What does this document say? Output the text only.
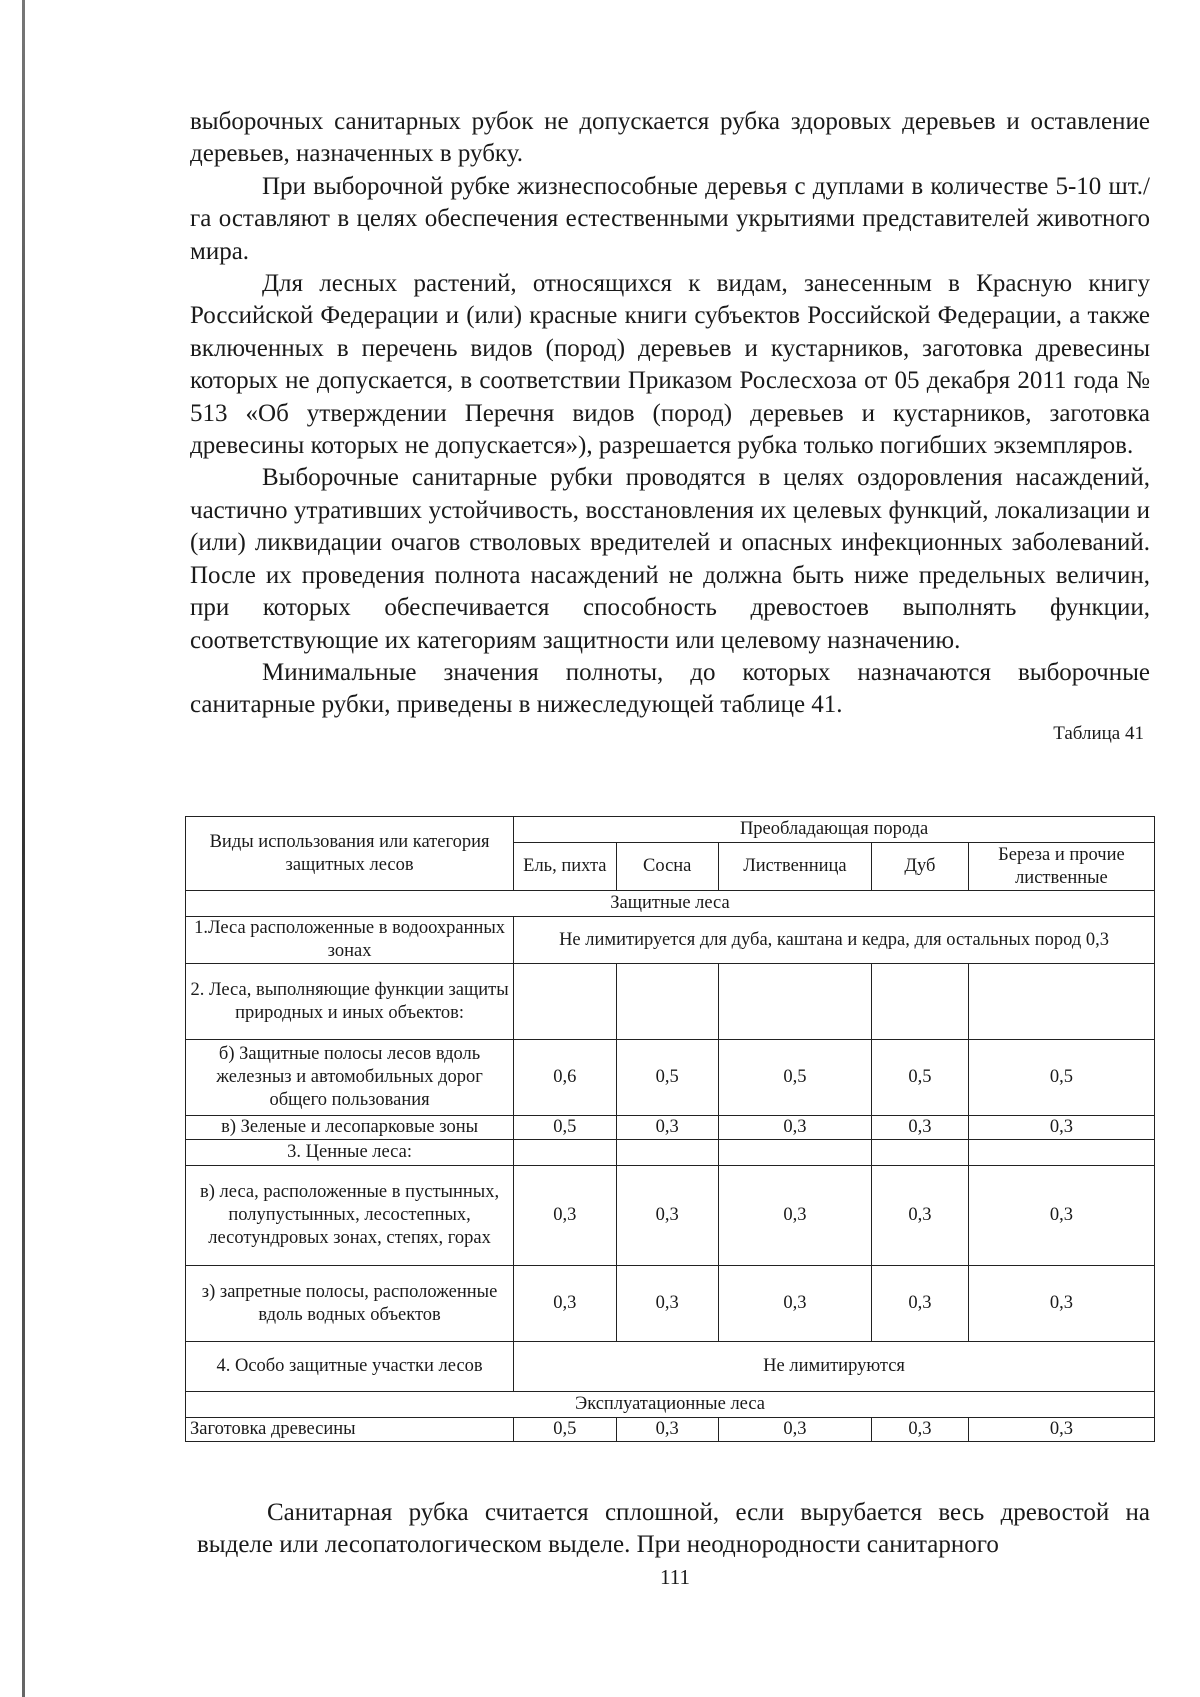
выборочных санитарных рубок не допускается рубка здоровых деревьев и оставление деревьев, назначенных в рубку.

При выборочной рубке жизнеспособные деревья с дуплами в количестве 5-10 шт./га оставляют в целях обеспечения естественными укрытиями представителей животного мира.

Для лесных растений, относящихся к видам, занесенным в Красную книгу Российской Федерации и (или) красные книги субъектов Российской Федерации, а также включенных в перечень видов (пород) деревьев и кустарников, заготовка древесины которых не допускается, в соответствии Приказом Рослесхоза от 05 декабря 2011 года № 513 «Об утверждении Перечня видов (пород) деревьев и кустарников, заготовка древесины которых не допускается»), разрешается рубка только погибших экземпляров.

Выборочные санитарные рубки проводятся в целях оздоровления насаждений, частично утративших устойчивость, восстановления их целевых функций, локализации и (или) ликвидации очагов стволовых вредителей и опасных инфекционных заболеваний. После их проведения полнота насаждений не должна быть ниже предельных величин, при которых обеспечивается способность древостоев выполнять функции, соответствующие их категориям защитности или целевому назначению.

Минимальные значения полноты, до которых назначаются выборочные санитарные рубки, приведены в нижеследующей таблице 41.

Таблица 41
Виды использования или категория защитных лесов	Преобладающая порода				
	Ель, пихта	Сосна	Лиственница	Дуб	Береза и прочие лиственные
Защитные леса					
1.Леса расположенные в водоохранных зонах	Не лимитируется для дуба, каштана и кедра, для остальных пород 0,3				
2. Леса, выполняющие функции защиты природных и иных объектов:					
б) Защитные полосы лесов вдоль железныз и автомобильных дорог общего пользования	0,6	0,5	0,5	0,5	0,5
в) Зеленые и лесопарковые зоны	0,5	0,3	0,3	0,3	0,3
3. Ценные леса:					
в) леса, расположенные в пустынных, полупустынных, лесостепных, лесотундровых зонах, степях, горах	0,3	0,3	0,3	0,3	0,3
з) запретные полосы, расположенные вдоль водных объектов	0,3	0,3	0,3	0,3	0,3
4. Особо защитные участки лесов	Не лимитируются				
Эксплуатационные леса					
Заготовка древесины	0,5	0,3	0,3	0,3	0,3

Санитарная рубка считается сплошной, если вырубается весь древостой на выделе или лесопатологическом выделе. При неоднородности санитарного

111
